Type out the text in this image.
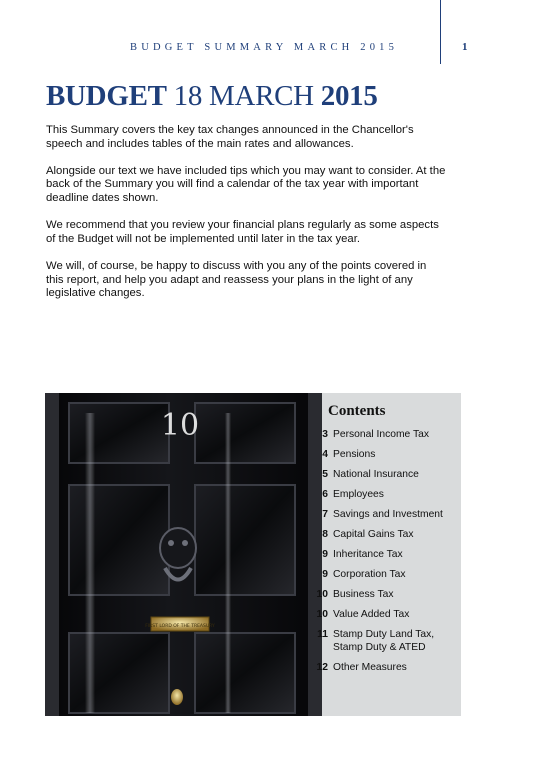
BUDGET SUMMARY MARCH 2015	1
BUDGET 18 MARCH 2015

This Summary covers the key tax changes announced in the Chancellor's speech and includes tables of the main rates and allowances.

Alongside our text we have included tips which you may want to consider. At the back of the Summary you will find a calendar of the tax year with important deadline dates shown.

We recommend that you review your financial plans regularly as some aspects of the Budget will not be implemented until later in the tax year.

We will, of course, be happy to discuss with you any of the points covered in this report, and help you adapt and reassess your plans in the light of any legislative changes.

10
FIRST LORD OF THE TREASURY
Contents
3 Personal Income Tax
4 Pensions
5 National Insurance
6 Employees
7 Savings and Investment
8 Capital Gains Tax
9 Inheritance Tax
9 Corporation Tax
10 Business Tax
10 Value Added Tax
11 Stamp Duty Land Tax, Stamp Duty & ATED
12 Other Measures
